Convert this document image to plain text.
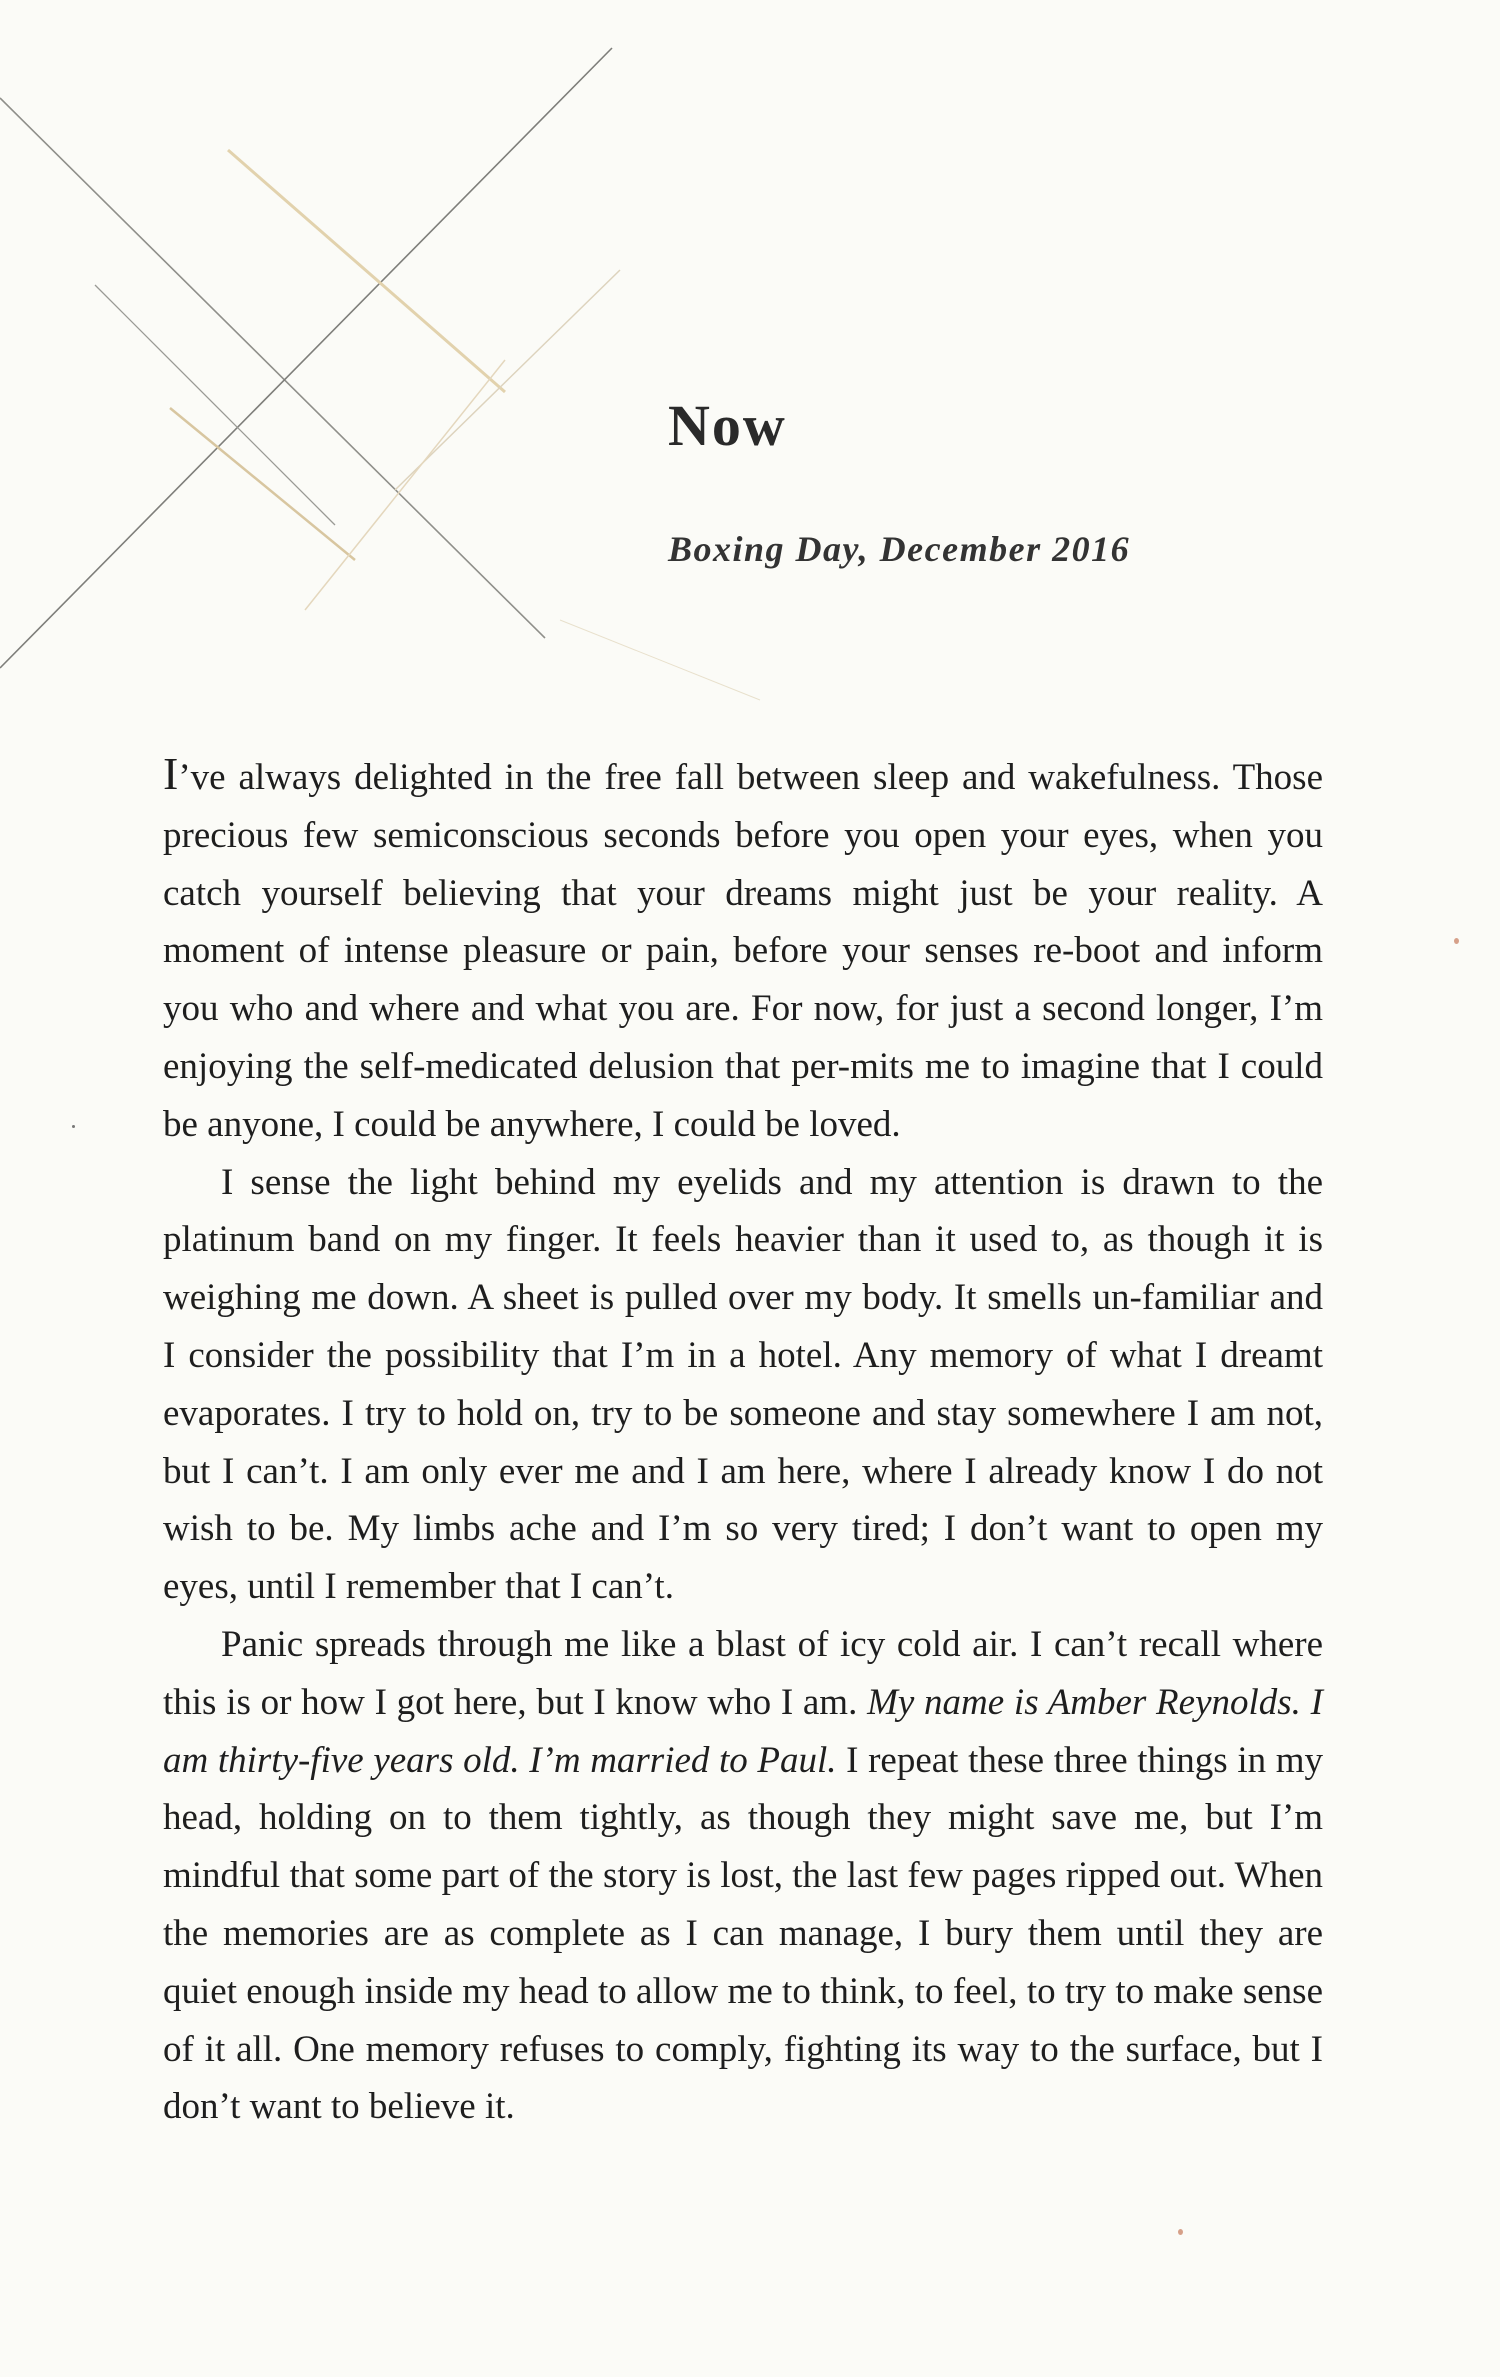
Now
Boxing Day, December 2016

I’ve always delighted in the free fall between sleep and wakefulness. Those precious few semiconscious seconds before you open your eyes, when you catch yourself believing that your dreams might just be your reality. A moment of intense pleasure or pain, before your senses re-boot and inform you who and where and what you are. For now, for just a second longer, I’m enjoying the self-medicated delusion that per-mits me to imagine that I could be anyone, I could be anywhere, I could be loved.

I sense the light behind my eyelids and my attention is drawn to the platinum band on my finger. It feels heavier than it used to, as though it is weighing me down. A sheet is pulled over my body. It smells un-familiar and I consider the possibility that I’m in a hotel. Any memory of what I dreamt evaporates. I try to hold on, try to be someone and stay somewhere I am not, but I can’t. I am only ever me and I am here, where I already know I do not wish to be. My limbs ache and I’m so very tired; I don’t want to open my eyes, until I remember that I can’t.

Panic spreads through me like a blast of icy cold air. I can’t recall where this is or how I got here, but I know who I am. My name is Amber Reynolds. I am thirty-five years old. I’m married to Paul. I repeat these three things in my head, holding on to them tightly, as though they might save me, but I’m mindful that some part of the story is lost, the last few pages ripped out. When the memories are as complete as I can manage, I bury them until they are quiet enough inside my head to allow me to think, to feel, to try to make sense of it all. One memory refuses to comply, fighting its way to the surface, but I don’t want to believe it.
